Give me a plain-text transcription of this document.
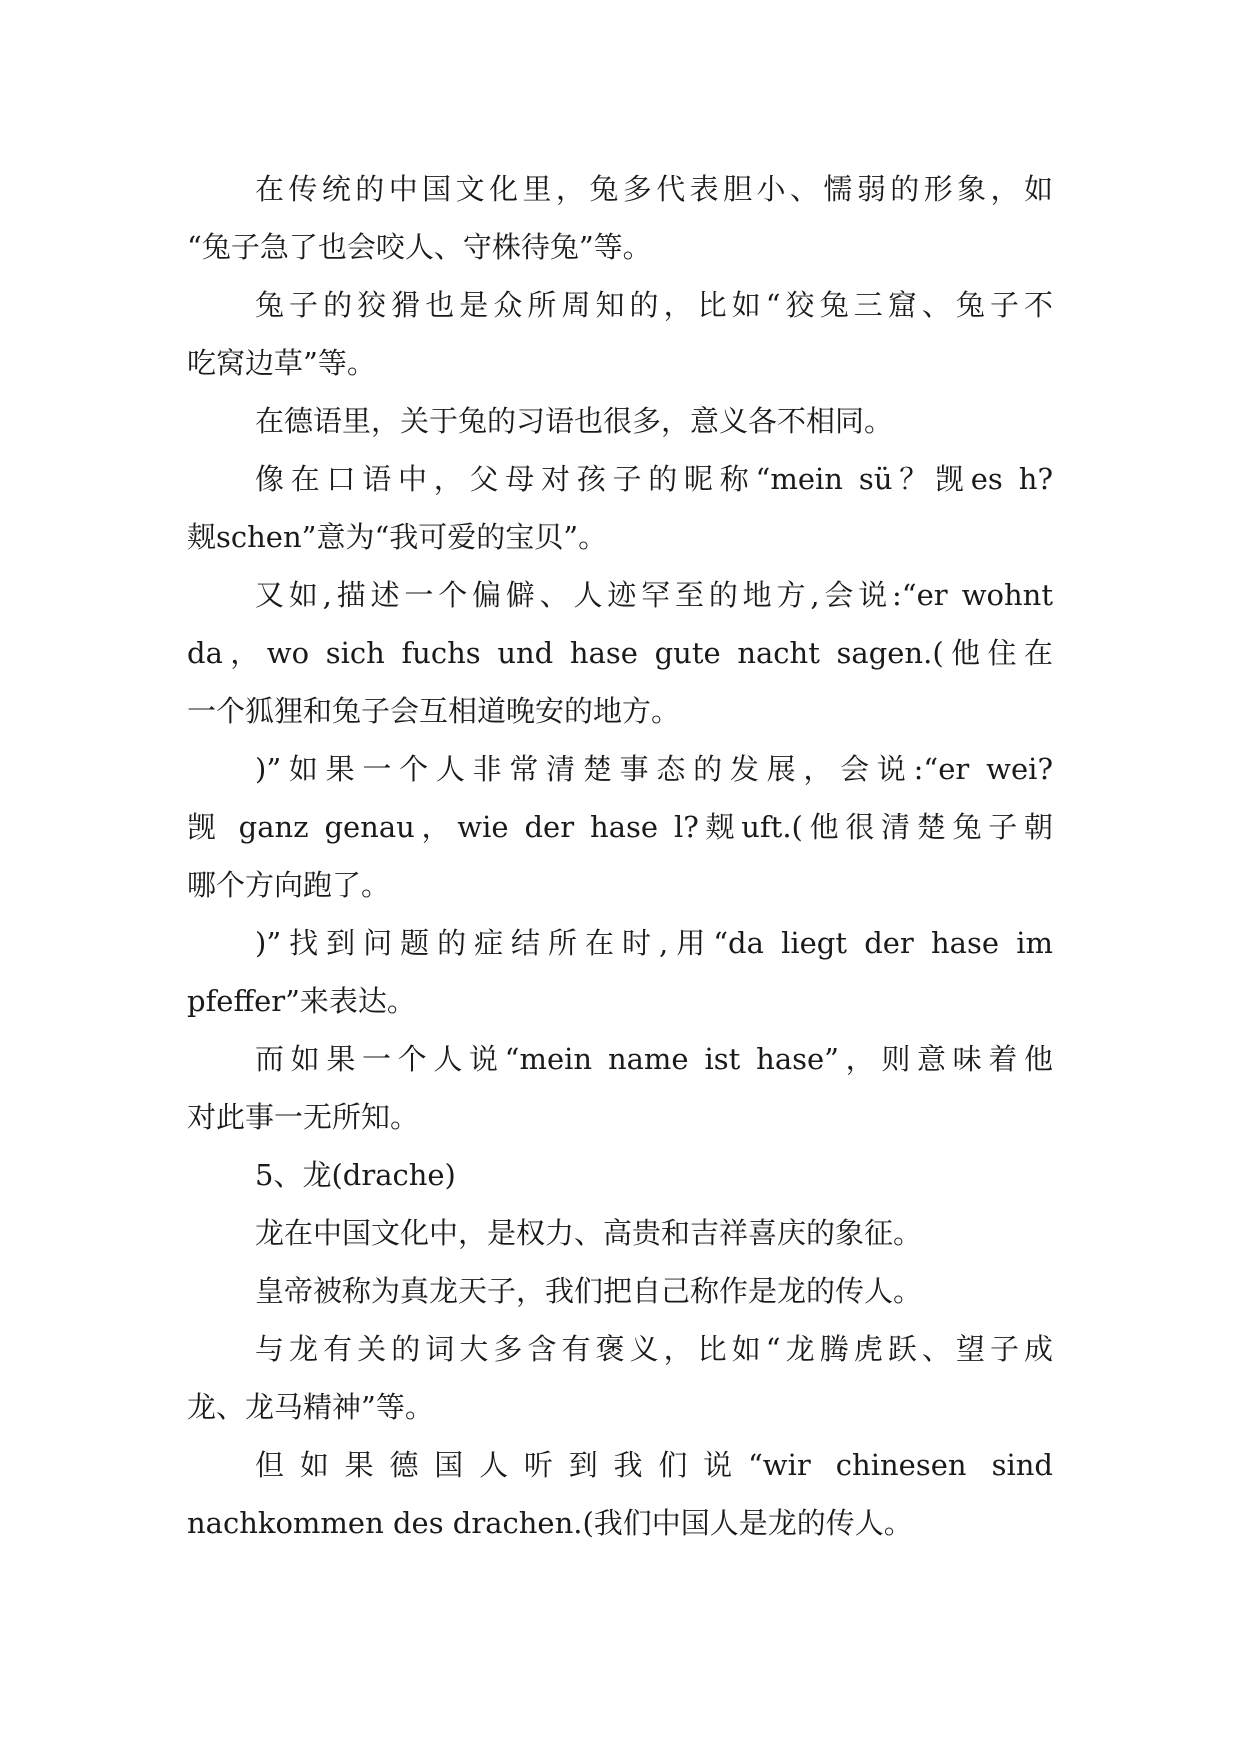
在传统的中国文化里，兔多代表胆小、懦弱的形象，如
“兔子急了也会咬人、守株待兔”等。
兔子的狡猾也是众所周知的，比如“狡兔三窟、兔子不
吃窝边草”等。
在德语里，关于兔的习语也很多，意义各不相同。
像在口语中，父母对孩子的昵称“mein sü？觊es h?
觌schen”意为“我可爱的宝贝”。
又如,描述一个偏僻、人迹罕至的地方,会说:“er wohnt
da，wo sich fuchs und hase gute nacht sagen.(他住在
一个狐狸和兔子会互相道晚安的地方。
)”如果一个人非常清楚事态的发展，会说:“er wei?
觊 ganz genau，wie der hase l?觌uft.(他很清楚兔子朝
哪个方向跑了。
)”找到问题的症结所在时,用“da liegt der hase im
pfeffer”来表达。
而如果一个人说“mein name ist hase”，则意味着他
对此事一无所知。
5、龙(drache)
龙在中国文化中，是权力、高贵和吉祥喜庆的象征。
皇帝被称为真龙天子，我们把自己称作是龙的传人。
与龙有关的词大多含有褒义，比如“龙腾虎跃、望子成
龙、龙马精神”等。
但如果德国人听到我们说“wir chinesen sind
nachkommen des drachen.(我们中国人是龙的传人。
